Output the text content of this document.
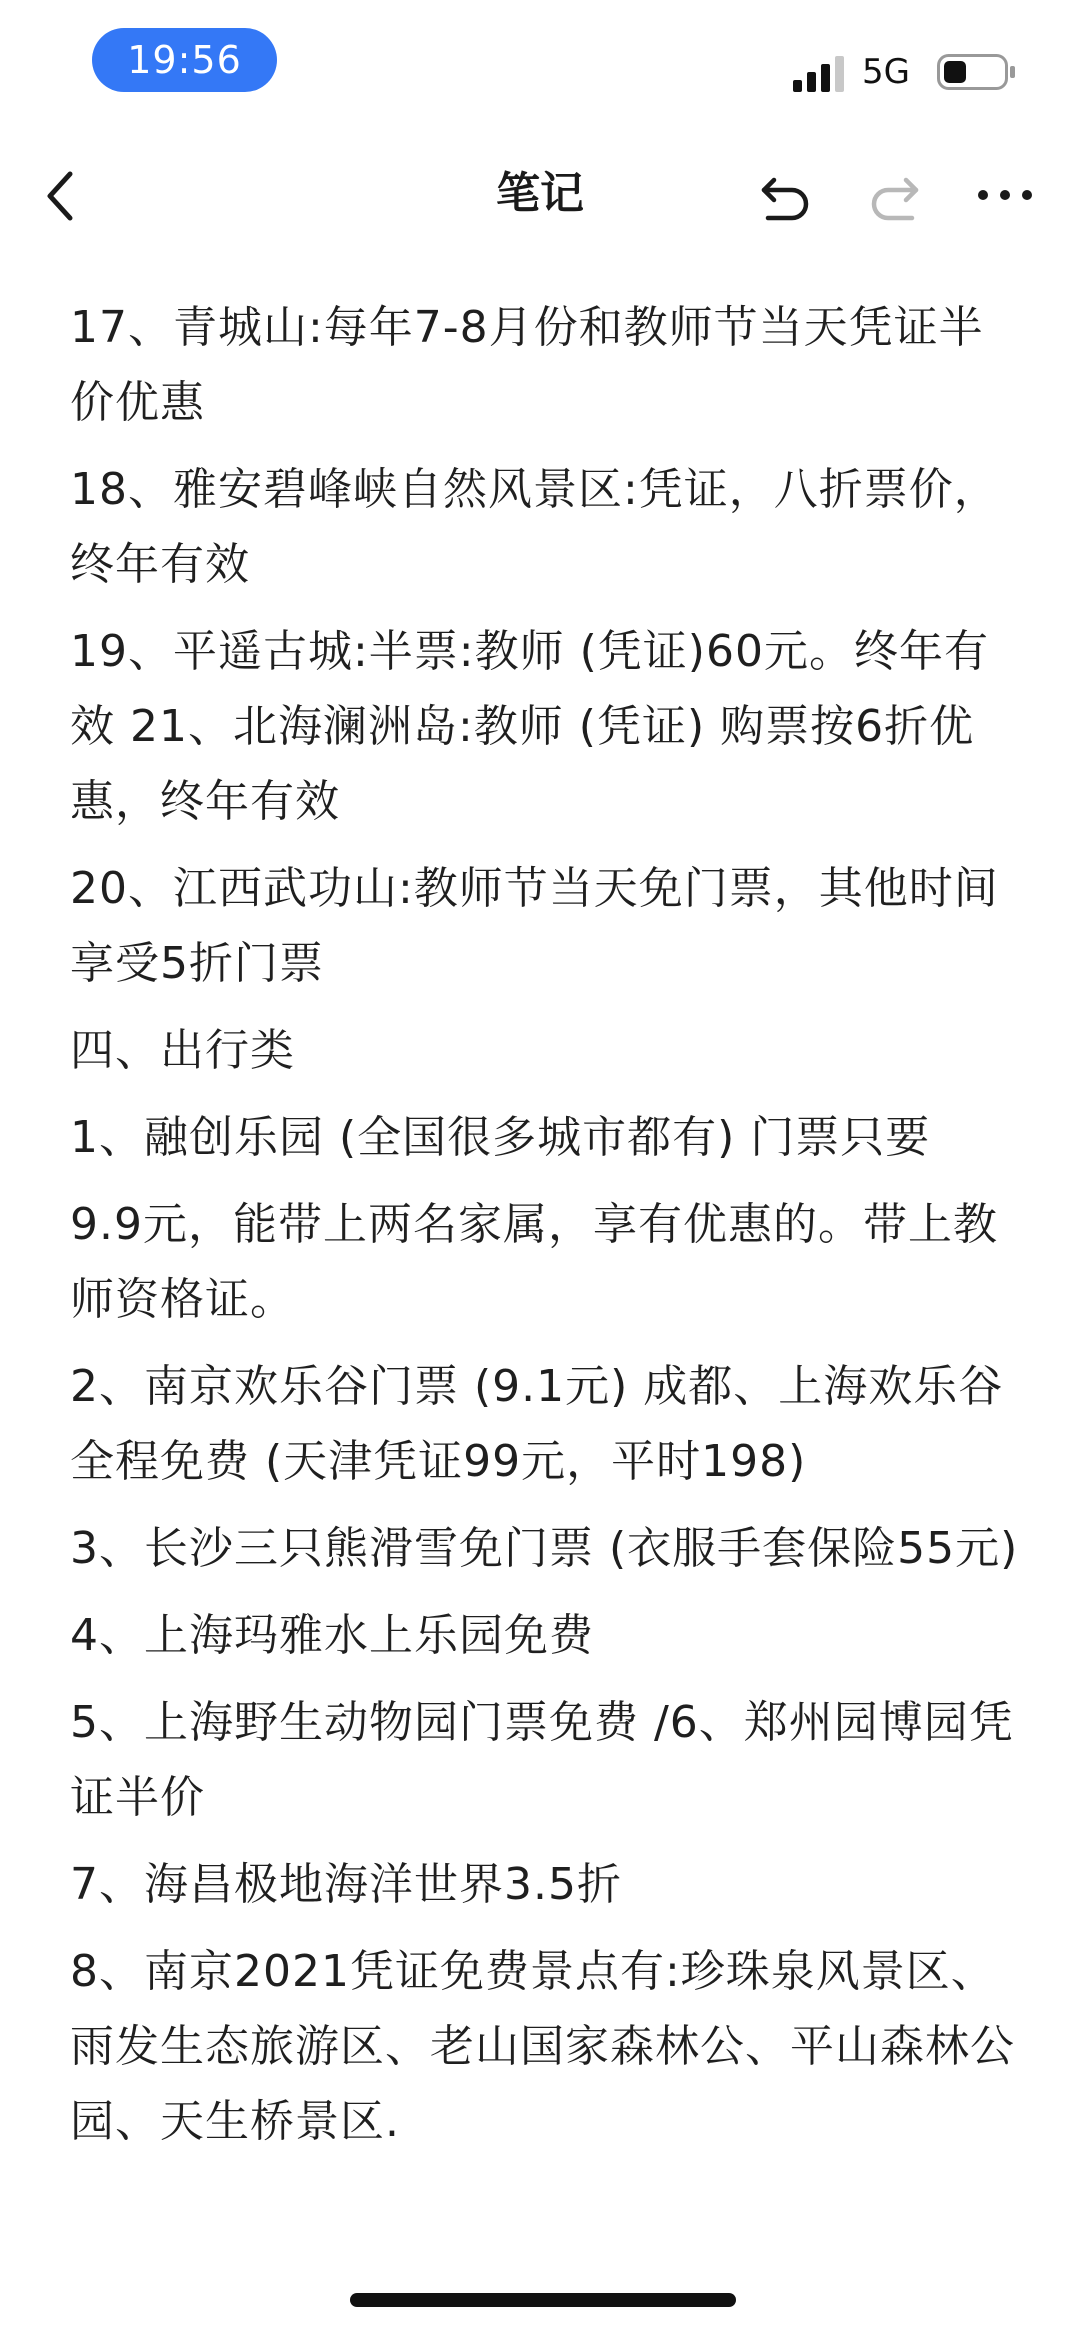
19:56	5G
笔记

17、青城山:每年7-8月份和教师节当天凭证半价优惠

18、雅安碧峰峡自然风景区:凭证，八折票价，终年有效

19、平遥古城:半票:教师 (凭证)60元。终年有效 21、北海澜洲岛:教师 (凭证) 购票按6折优惠，终年有效

20、江西武功山:教师节当天免门票，其他时间享受5折门票

四、出行类

1、融创乐园 (全国很多城市都有) 门票只要

9.9元，能带上两名家属，享有优惠的。带上教师资格证。

2、南京欢乐谷门票 (9.1元) 成都、上海欢乐谷全程免费 (天津凭证99元，平时198)

3、长沙三只熊滑雪免门票 (衣服手套保险55元)

4、上海玛雅水上乐园免费

5、上海野生动物园门票免费 /6、郑州园博园凭证半价

7、海昌极地海洋世界3.5折

8、南京2021凭证免费景点有:珍珠泉风景区、雨发生态旅游区、老山国家森林公、平山森林公园、天生桥景区.
